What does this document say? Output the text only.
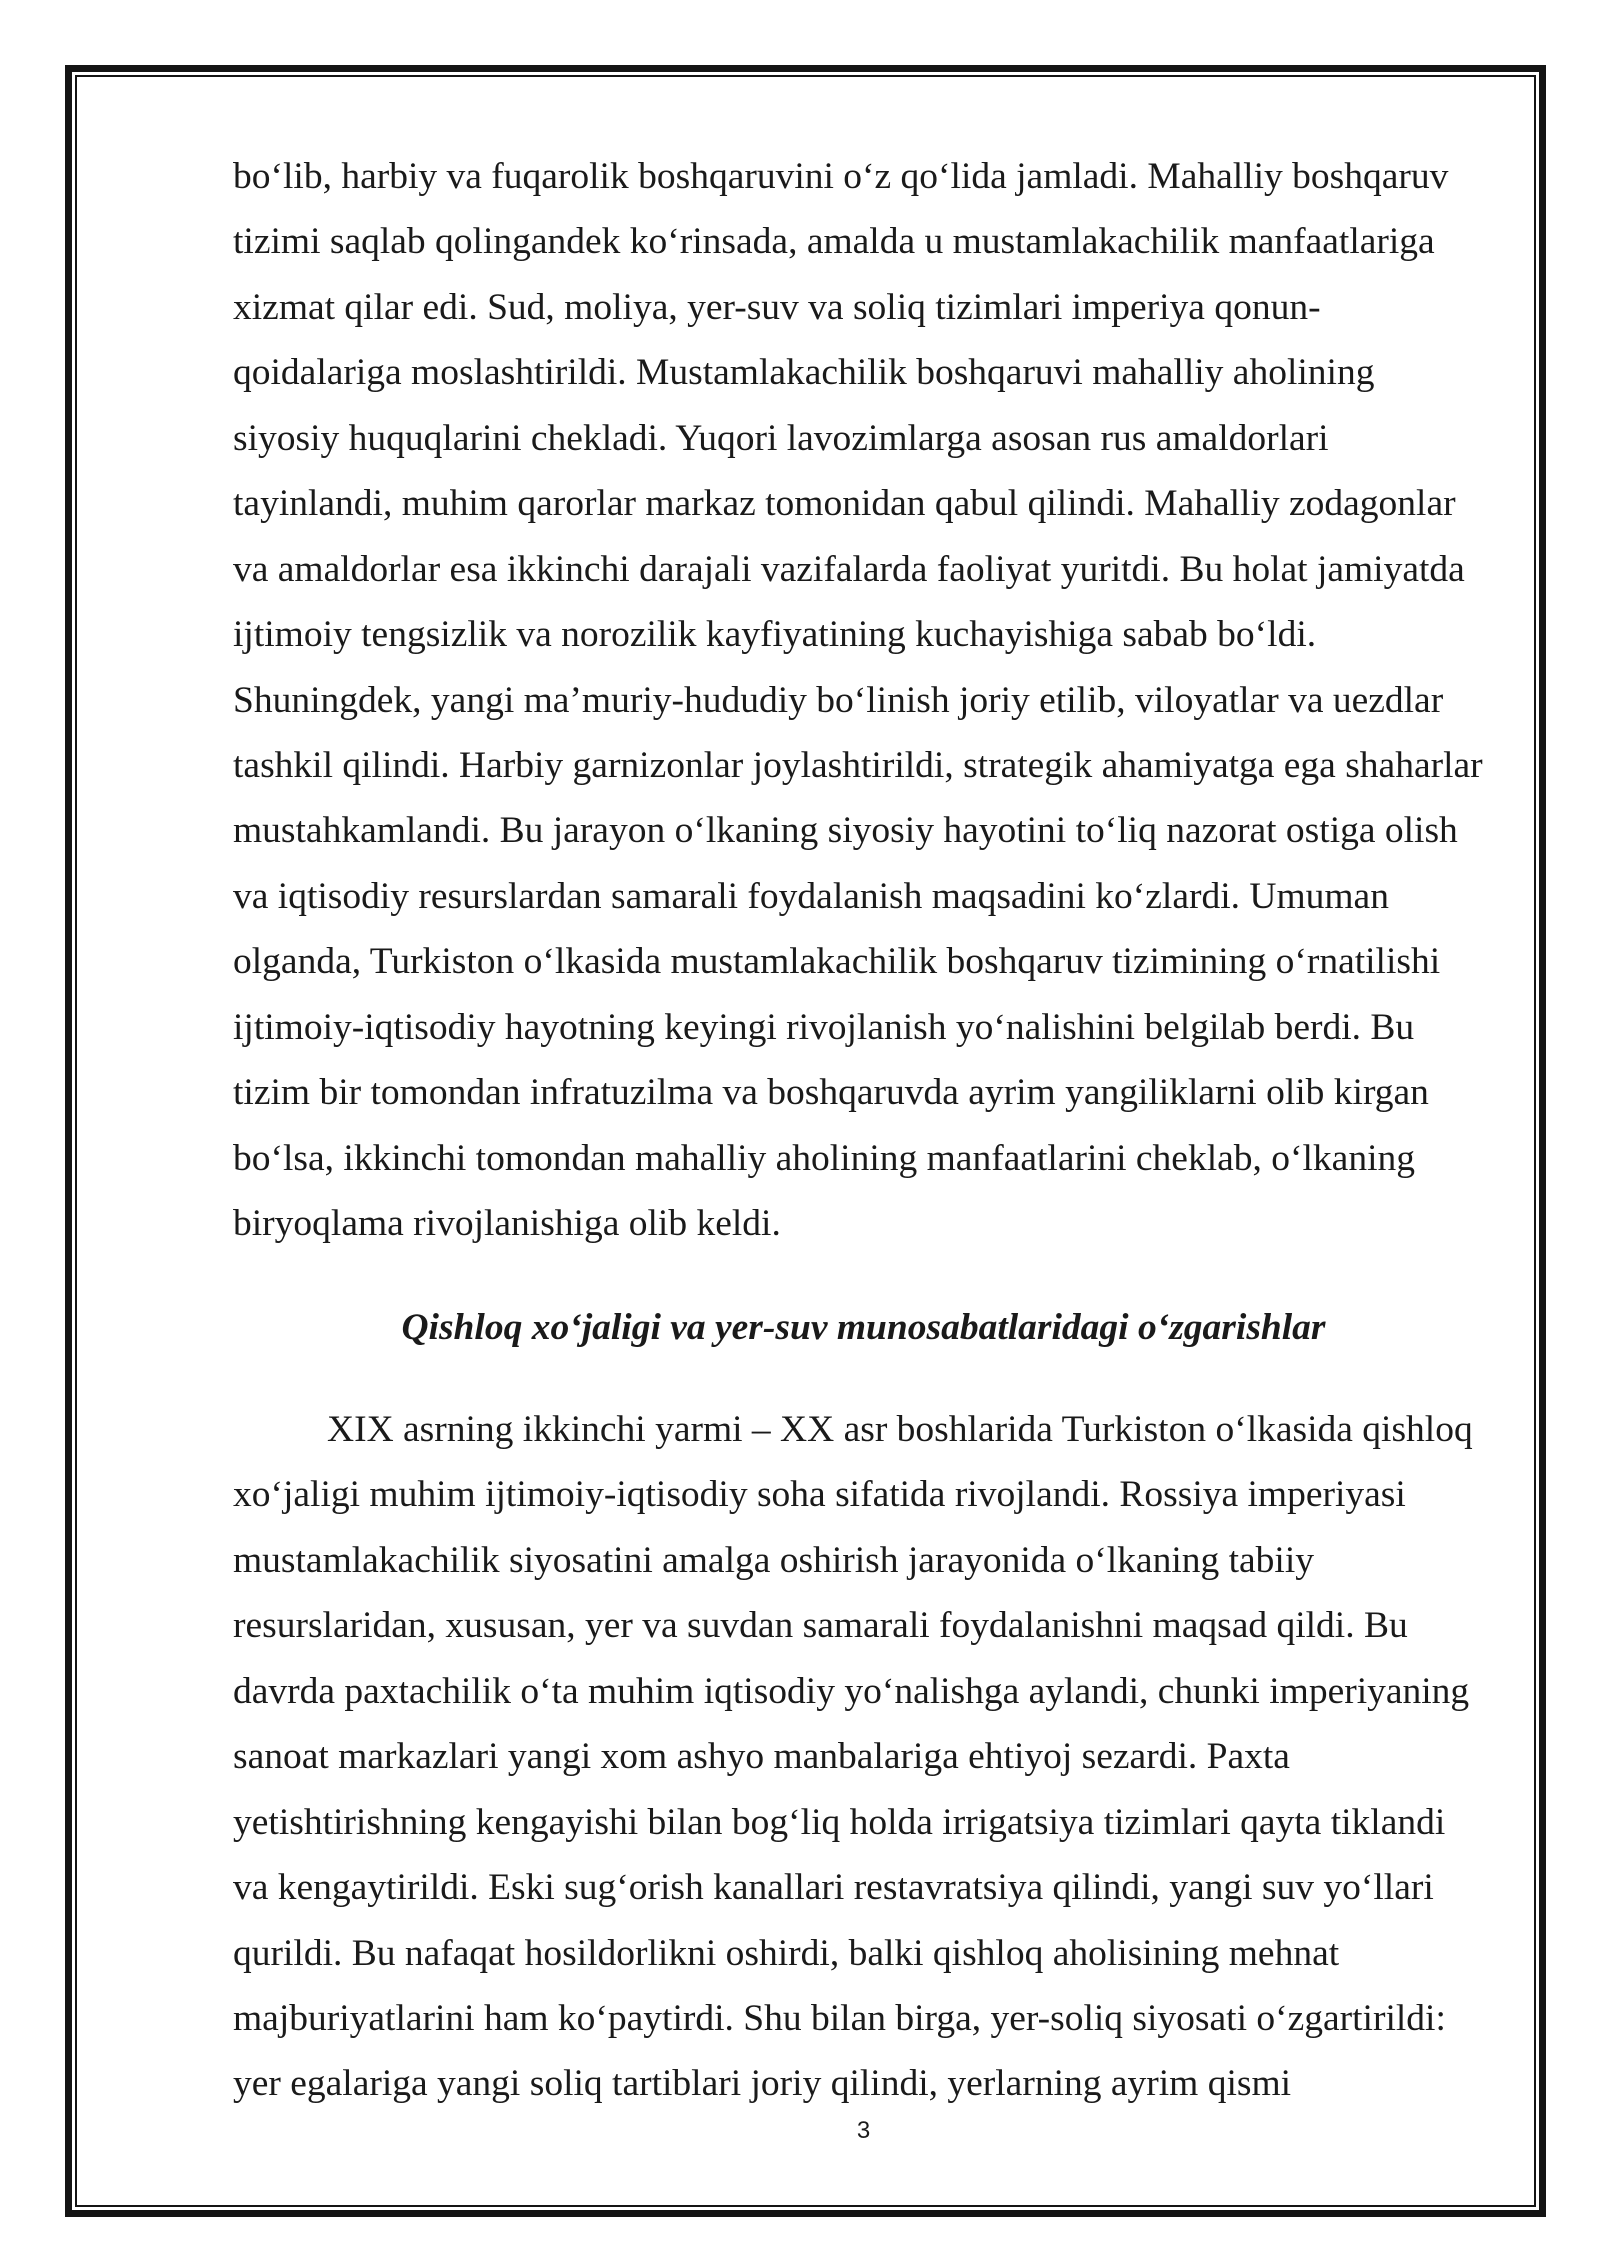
bo‘lib, harbiy va fuqarolik boshqaruvini o‘z qo‘lida jamladi. Mahalliy boshqaruv
tizimi saqlab qolingandek ko‘rinsada, amalda u mustamlakachilik manfaatlariga
xizmat qilar edi. Sud, moliya, yer-suv va soliq tizimlari imperiya qonun-
qoidalariga moslashtirildi. Mustamlakachilik boshqaruvi mahalliy aholining
siyosiy huquqlarini chekladi. Yuqori lavozimlarga asosan rus amaldorlari
tayinlandi, muhim qarorlar markaz tomonidan qabul qilindi. Mahalliy zodagonlar
va amaldorlar esa ikkinchi darajali vazifalarda faoliyat yuritdi. Bu holat jamiyatda
ijtimoiy tengsizlik va norozilik kayfiyatining kuchayishiga sabab bo‘ldi.
Shuningdek, yangi ma’muriy-hududiy bo‘linish joriy etilib, viloyatlar va uezdlar
tashkil qilindi. Harbiy garnizonlar joylashtirildi, strategik ahamiyatga ega shaharlar
mustahkamlandi. Bu jarayon o‘lkaning siyosiy hayotini to‘liq nazorat ostiga olish
va iqtisodiy resurslardan samarali foydalanish maqsadini ko‘zlardi. Umuman
olganda, Turkiston o‘lkasida mustamlakachilik boshqaruv tizimining o‘rnatilishi
ijtimoiy-iqtisodiy hayotning keyingi rivojlanish yo‘nalishini belgilab berdi. Bu
tizim bir tomondan infratuzilma va boshqaruvda ayrim yangiliklarni olib kirgan
bo‘lsa, ikkinchi tomondan mahalliy aholining manfaatlarini cheklab, o‘lkaning
biryoqlama rivojlanishiga olib keldi.
Qishloq xo‘jaligi va yer-suv munosabatlaridagi o‘zgarishlar
XIX asrning ikkinchi yarmi – XX asr boshlarida Turkiston o‘lkasida qishloq
xo‘jaligi muhim ijtimoiy-iqtisodiy soha sifatida rivojlandi. Rossiya imperiyasi
mustamlakachilik siyosatini amalga oshirish jarayonida o‘lkaning tabiiy
resurslaridan, xususan, yer va suvdan samarali foydalanishni maqsad qildi. Bu
davrda paxtachilik o‘ta muhim iqtisodiy yo‘nalishga aylandi, chunki imperiyaning
sanoat markazlari yangi xom ashyo manbalariga ehtiyoj sezardi. Paxta
yetishtirishning kengayishi bilan bog‘liq holda irrigatsiya tizimlari qayta tiklandi
va kengaytirildi. Eski sug‘orish kanallari restavratsiya qilindi, yangi suv yo‘llari
qurildi. Bu nafaqat hosildorlikni oshirdi, balki qishloq aholisining mehnat
majburiyatlarini ham ko‘paytirdi. Shu bilan birga, yer-soliq siyosati o‘zgartirildi:
yer egalariga yangi soliq tartiblari joriy qilindi, yerlarning ayrim qismi
3
